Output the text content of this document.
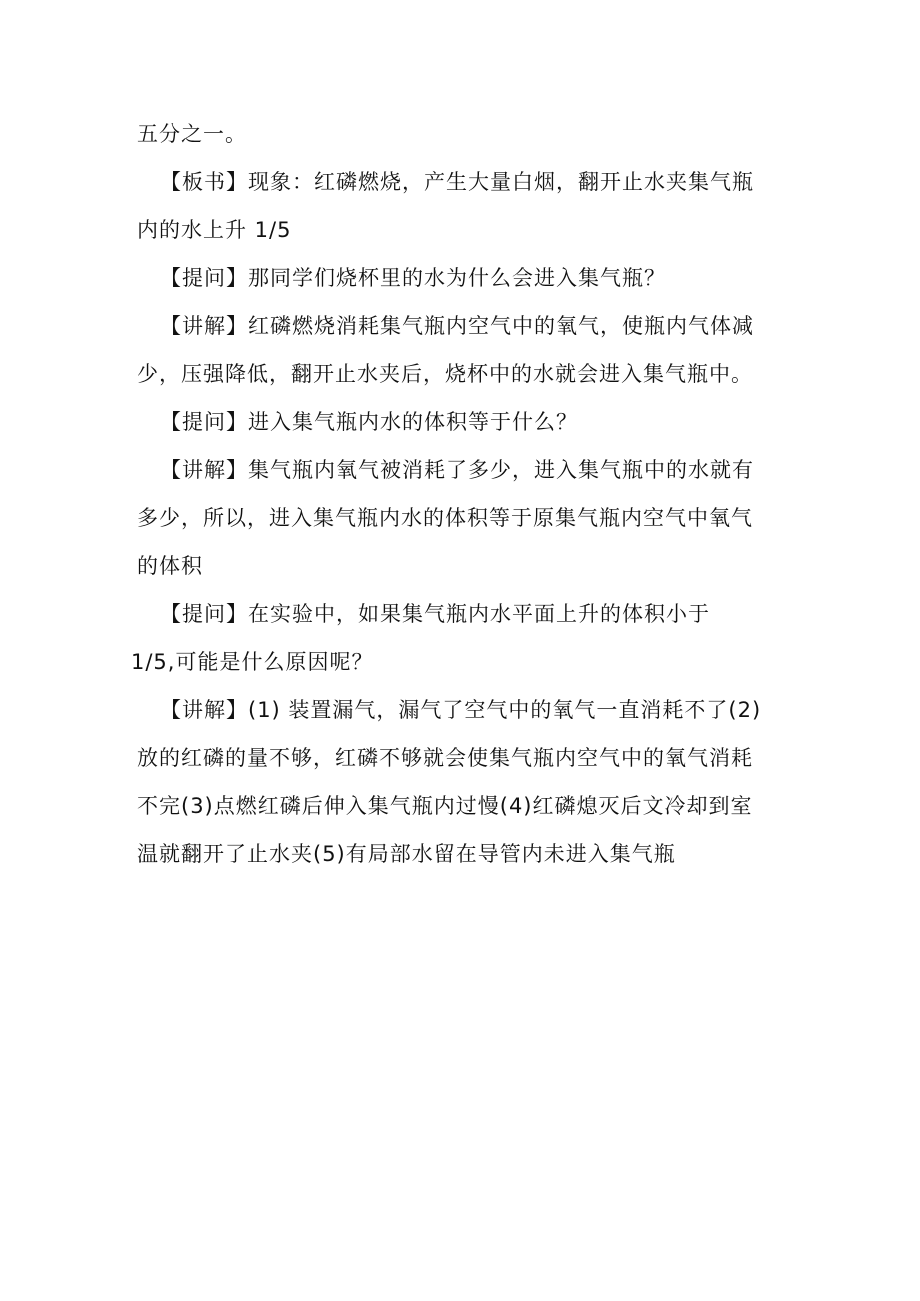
五分之一。

【板书】现象：红磷燃烧，产生大量白烟，翻开止水夹集气瓶
内的水上升 1/5

【提问】那同学们烧杯里的水为什么会进入集气瓶？

【讲解】红磷燃烧消耗集气瓶内空气中的氧气，使瓶内气体减
少，压强降低，翻开止水夹后，烧杯中的水就会进入集气瓶中。

【提问】进入集气瓶内水的体积等于什么？

【讲解】集气瓶内氧气被消耗了多少，进入集气瓶中的水就有
多少，所以，进入集气瓶内水的体积等于原集气瓶内空气中氧气
的体积

【提问】在实验中，如果集气瓶内水平面上升的体积小于
1/5,可能是什么原因呢？

【讲解】(1) 装置漏气，漏气了空气中的氧气一直消耗不了(2)
放的红磷的量不够，红磷不够就会使集气瓶内空气中的氧气消耗
不完(3)点燃红磷后伸入集气瓶内过慢(4)红磷熄灭后文冷却到室
温就翻开了止水夹(5)有局部水留在导管内未进入集气瓶
